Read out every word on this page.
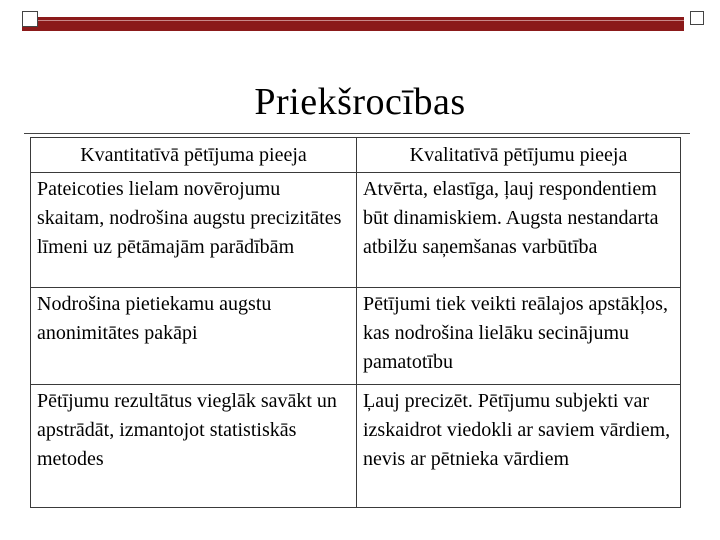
Priekšrocības
Kvantitatīvā pētījuma pieeja	Kvalitatīvā pētījumu pieeja
Pateicoties lielam novērojumu skaitam, nodrošina augstu precizitātes līmeni uz pētāmajām parādībām	Atvērta, elastīga, ļauj respondentiem būt dinamiskiem. Augsta nestandarta atbilžu saņemšanas varbūtība
Nodrošina pietiekamu augstu anonimitātes pakāpi	Pētījumi tiek veikti reālajos apstākļos, kas nodrošina lielāku secinājumu pamatotību
Pētījumu rezultātus vieglāk savākt un apstrādāt, izmantojot statistiskās metodes	Ļauj precizēt. Pētījumu subjekti var izskaidrot viedokli ar saviem vārdiem, nevis ar pētnieka vārdiem
